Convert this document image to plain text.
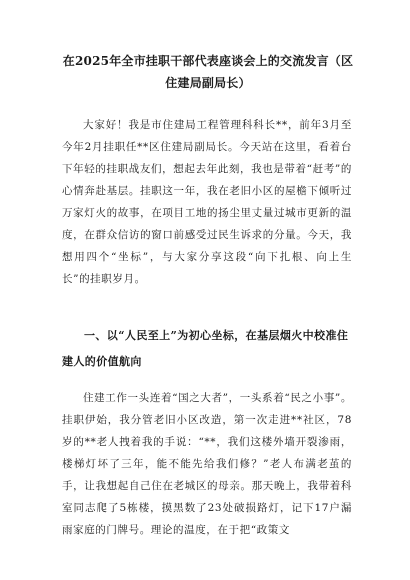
在2025年全市挂职干部代表座谈会上的交流发言（区住建局副局长）

大家好！我是市住建局工程管理科科长**，前年3月至今年2月挂职任**区住建局副局长。今天站在这里，看着台下年轻的挂职战友们，想起去年此刻，我也是带着“赶考”的心情奔赴基层。挂职这一年，我在老旧小区的屋檐下倾听过万家灯火的故事，在项目工地的扬尘里丈量过城市更新的温度，在群众信访的窗口前感受过民生诉求的分量。今天，我想用四个“坐标”，与大家分享这段“向下扎根、向上生长”的挂职岁月。

一、以“人民至上”为初心坐标，在基层烟火中校准住建人的价值航向

住建工作一头连着“国之大者”，一头系着“民之小事”。挂职伊始，我分管老旧小区改造，第一次走进**社区，78岁的**老人拽着我的手说：“**，我们这楼外墙开裂渗雨，楼梯灯坏了三年，能不能先给我们修？”老人布满老茧的手，让我想起自己住在老城区的母亲。那天晚上，我带着科室同志爬了5栋楼，摸黑数了23处破损路灯，记下17户漏雨家庭的门牌号。理论的温度，在于把“政策文
